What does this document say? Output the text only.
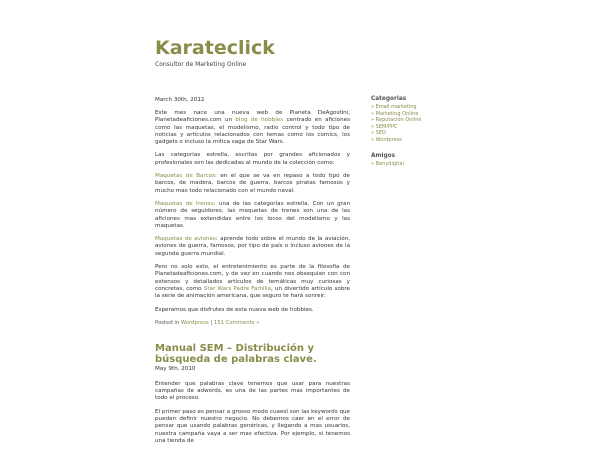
Karateclick
Consultor de Marketing Online
March 30th, 2012

Este mes nace una nueva web de Planeta DeAgostini, Planetadeaficiones.com un blog de hobbies centrado en aficiones como las maquetas, el modelismo, radio control y todo tipo de noticias y artículos relacionados con temas como los comics, los gadgets o incluso la mítica saga de Star Wars.

Las categorías estrella, escritas por grandes aficionados y profesionales son las dedicadas al mundo de la colección como:

Maquetas de Barcos: en el que se va en repaso a todo tipo de barcos, de madera, barcos de guerra, barcos piratas famosos y mucho mas todo relacionado con el mundo naval.

Maquetas de trenes: una de las categorías estrella. Con un gran número de seguidores, las maquetas de trenes son una de las aficiones mas extendidas entre los locos del modelismo y las maquetas.

Maquetas de aviones: aprende todo sobre el mundo de la aviación, aviones de guerra, famosos, por tipo de país o incluso aviones de la segunda guerra mundial.

Pero no solo esto, el entretenimiento es parte de la filosofía de Planetadeaficiones.com, y de vez en cuando nos obsequian con con extensos y detallados artículos de temáticas muy curiosas y concretas, como Star Wars Padre Familia, un divertido artículo sobre la serie de animación americana, que seguro te hará sonreir.

Esperamos que disfrutes de esta nueva web de hobbies.

Posted in Wordpress | 151 Comments »
Manual SEM – Distribución y búsqueda de palabras clave.
May 9th, 2010

Entender que palabras clave tenemos que usar para nuestras campañas de adwords, es una de las partes mas importantes de todo el proceso.

El primer paso es pensar a grosso modo cuaesl son las keywords que pueden definir nuestro negocio. No debemos caer en el error de pensar que usando palabras genéricas, y llegando a mas usuarios, nuestra campaña vaya a ser mas efectiva. Por ejemplo, si tenemos una tienda de

Categorias
» Email marketing
» Marketing Online
» Reputación Online
» SEM/PPC
» SEO
» Wordpress
Amigos
» Benydigital
